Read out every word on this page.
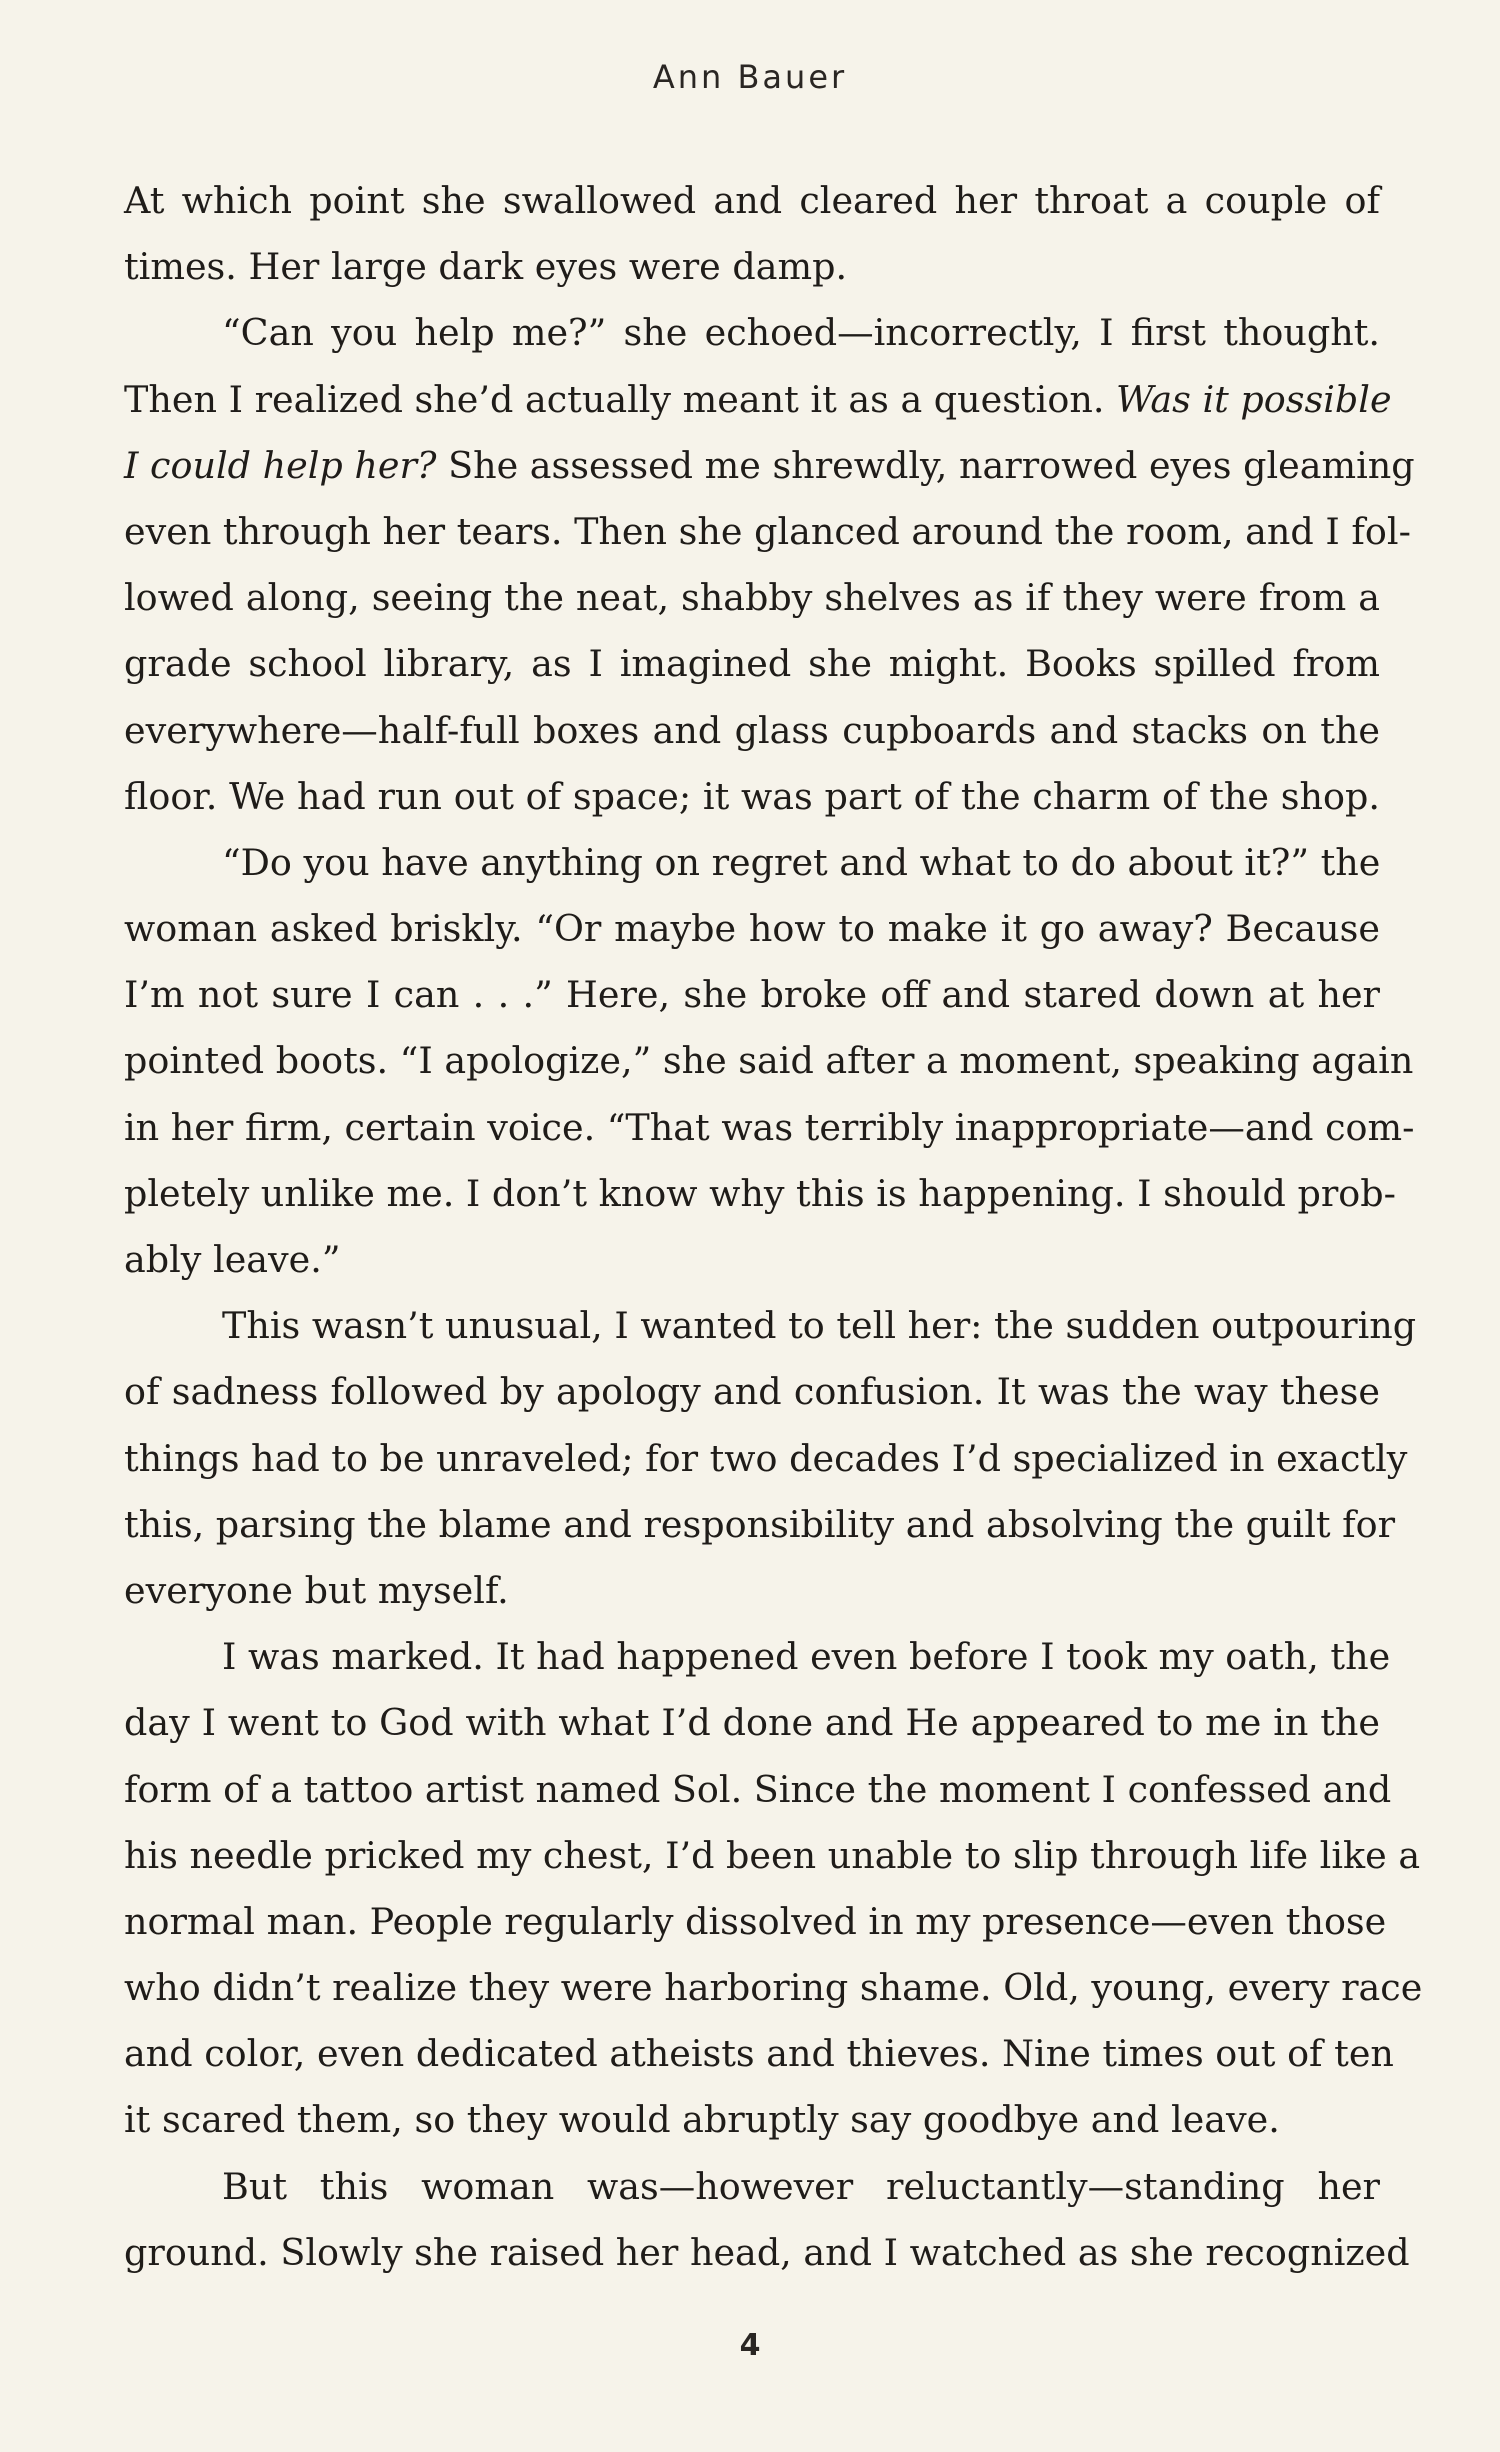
Ann Bauer
At which point she swallowed and cleared her throat a couple of
times. Her large dark eyes were damp.
“Can you help me?” she echoed—incorrectly, I first thought.
Then I realized she’d actually meant it as a question. Was it possible
I could help her? She assessed me shrewdly, narrowed eyes gleaming
even through her tears. Then she glanced around the room, and I fol-
lowed along, seeing the neat, shabby shelves as if they were from a
grade school library, as I imagined she might. Books spilled from
everywhere—half-full boxes and glass cupboards and stacks on the
floor. We had run out of space; it was part of the charm of the shop.
“Do you have anything on regret and what to do about it?” the
woman asked briskly. “Or maybe how to make it go away? Because
I’m not sure I can . . .” Here, she broke off and stared down at her
pointed boots. “I apologize,” she said after a moment, speaking again
in her firm, certain voice. “That was terribly inappropriate—and com-
pletely unlike me. I don’t know why this is happening. I should prob-
ably leave.”
This wasn’t unusual, I wanted to tell her: the sudden outpouring
of sadness followed by apology and confusion. It was the way these
things had to be unraveled; for two decades I’d specialized in exactly
this, parsing the blame and responsibility and absolving the guilt for
everyone but myself.
I was marked. It had happened even before I took my oath, the
day I went to God with what I’d done and He appeared to me in the
form of a tattoo artist named Sol. Since the moment I confessed and
his needle pricked my chest, I’d been unable to slip through life like a
normal man. People regularly dissolved in my presence—even those
who didn’t realize they were harboring shame. Old, young, every race
and color, even dedicated atheists and thieves. Nine times out of ten
it scared them, so they would abruptly say goodbye and leave.
But this woman was—however reluctantly—standing her
ground. Slowly she raised her head, and I watched as she recognized
4
